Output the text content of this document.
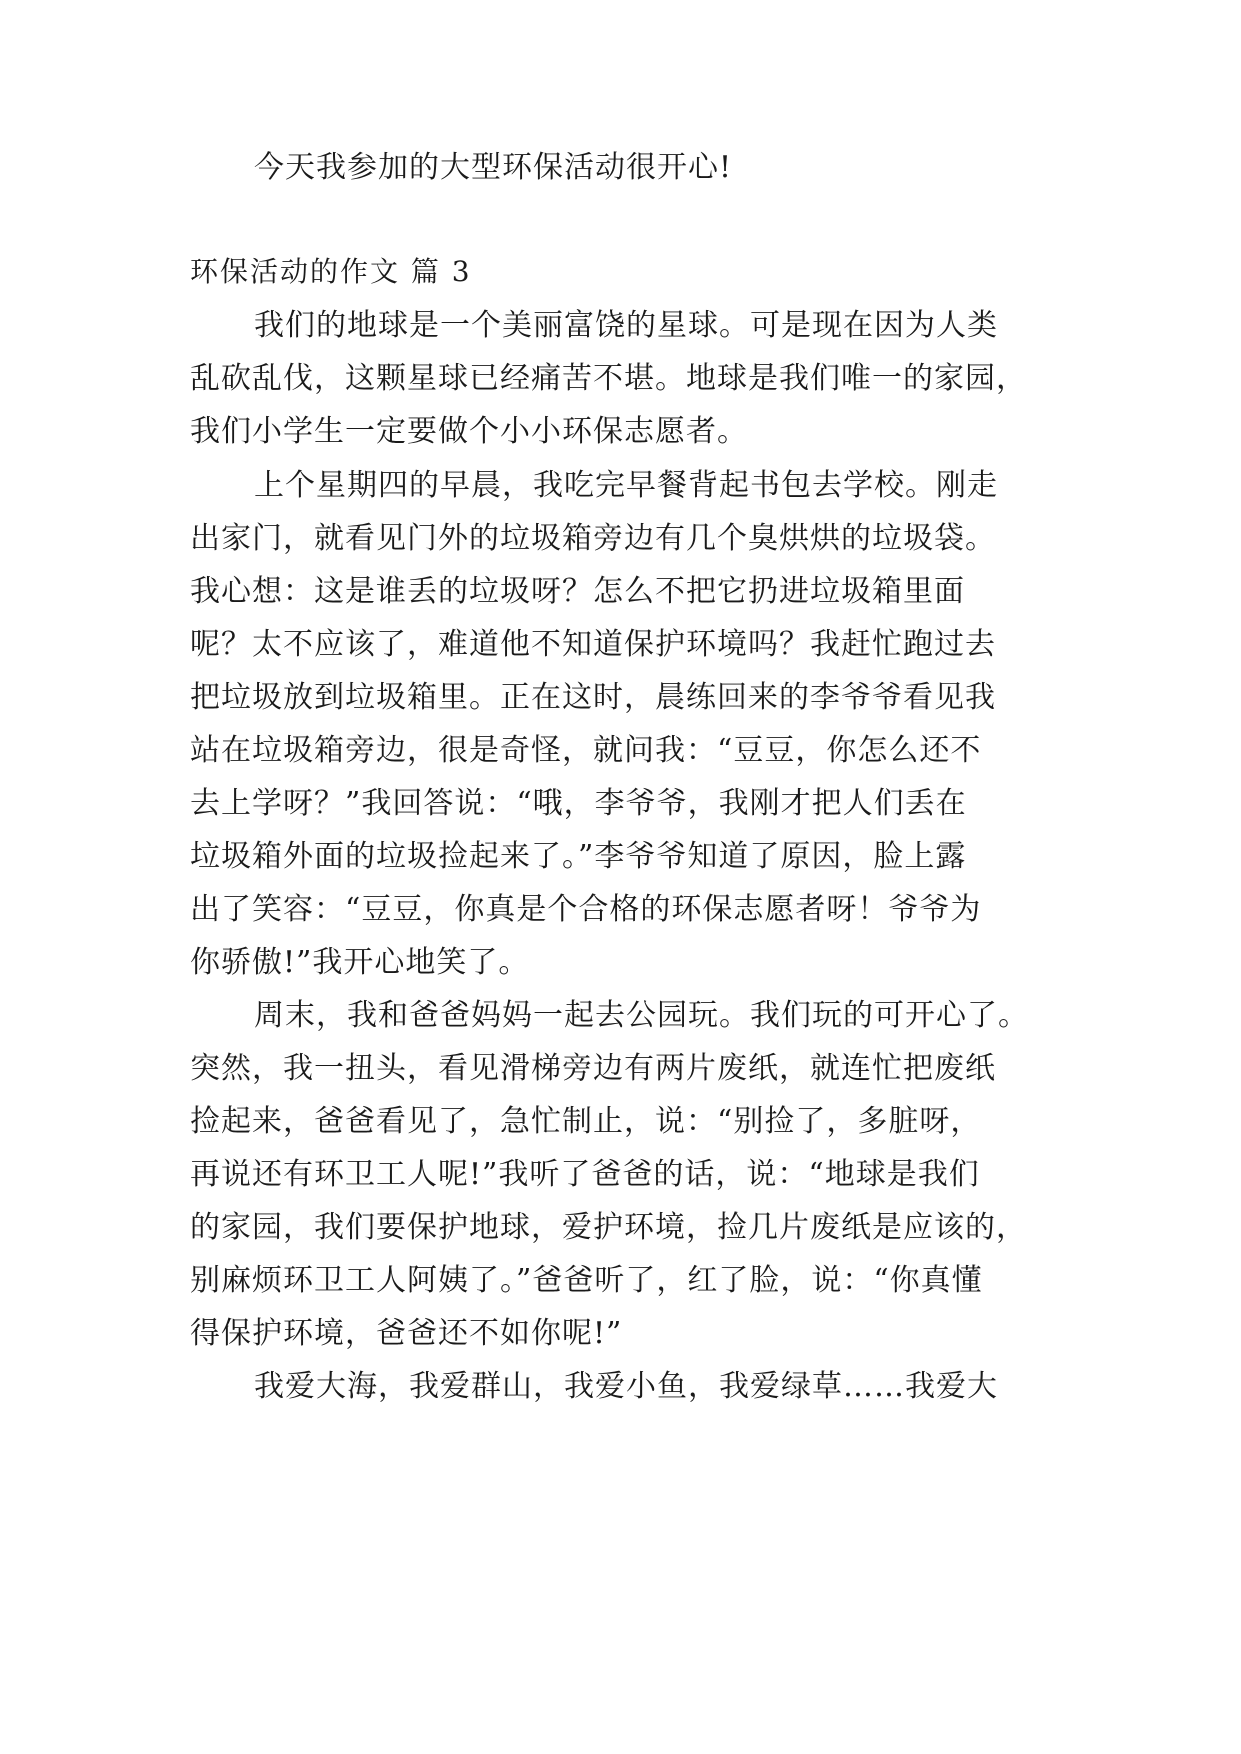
今天我参加的大型环保活动很开心!
环保活动的作文 篇 3
我们的地球是一个美丽富饶的星球。可是现在因为人类
乱砍乱伐，这颗星球已经痛苦不堪。地球是我们唯一的家园，
我们小学生一定要做个小小环保志愿者。
上个星期四的早晨，我吃完早餐背起书包去学校。刚走
出家门，就看见门外的垃圾箱旁边有几个臭烘烘的垃圾袋。
我心想：这是谁丢的垃圾呀？怎么不把它扔进垃圾箱里面
呢？太不应该了，难道他不知道保护环境吗？我赶忙跑过去
把垃圾放到垃圾箱里。正在这时，晨练回来的李爷爷看见我
站在垃圾箱旁边，很是奇怪，就问我：“豆豆，你怎么还不
去上学呀？”我回答说：“哦，李爷爷，我刚才把人们丢在
垃圾箱外面的垃圾捡起来了。”李爷爷知道了原因，脸上露
出了笑容：“豆豆，你真是个合格的环保志愿者呀！爷爷为
你骄傲!”我开心地笑了。
周末，我和爸爸妈妈一起去公园玩。我们玩的可开心了。
突然，我一扭头，看见滑梯旁边有两片废纸，就连忙把废纸
捡起来，爸爸看见了，急忙制止，说：“别捡了，多脏呀，
再说还有环卫工人呢!”我听了爸爸的话，说：“地球是我们
的家园，我们要保护地球，爱护环境，捡几片废纸是应该的，
别麻烦环卫工人阿姨了。”爸爸听了，红了脸，说：“你真懂
得保护环境，爸爸还不如你呢!”
我爱大海，我爱群山，我爱小鱼，我爱绿草……我爱大
